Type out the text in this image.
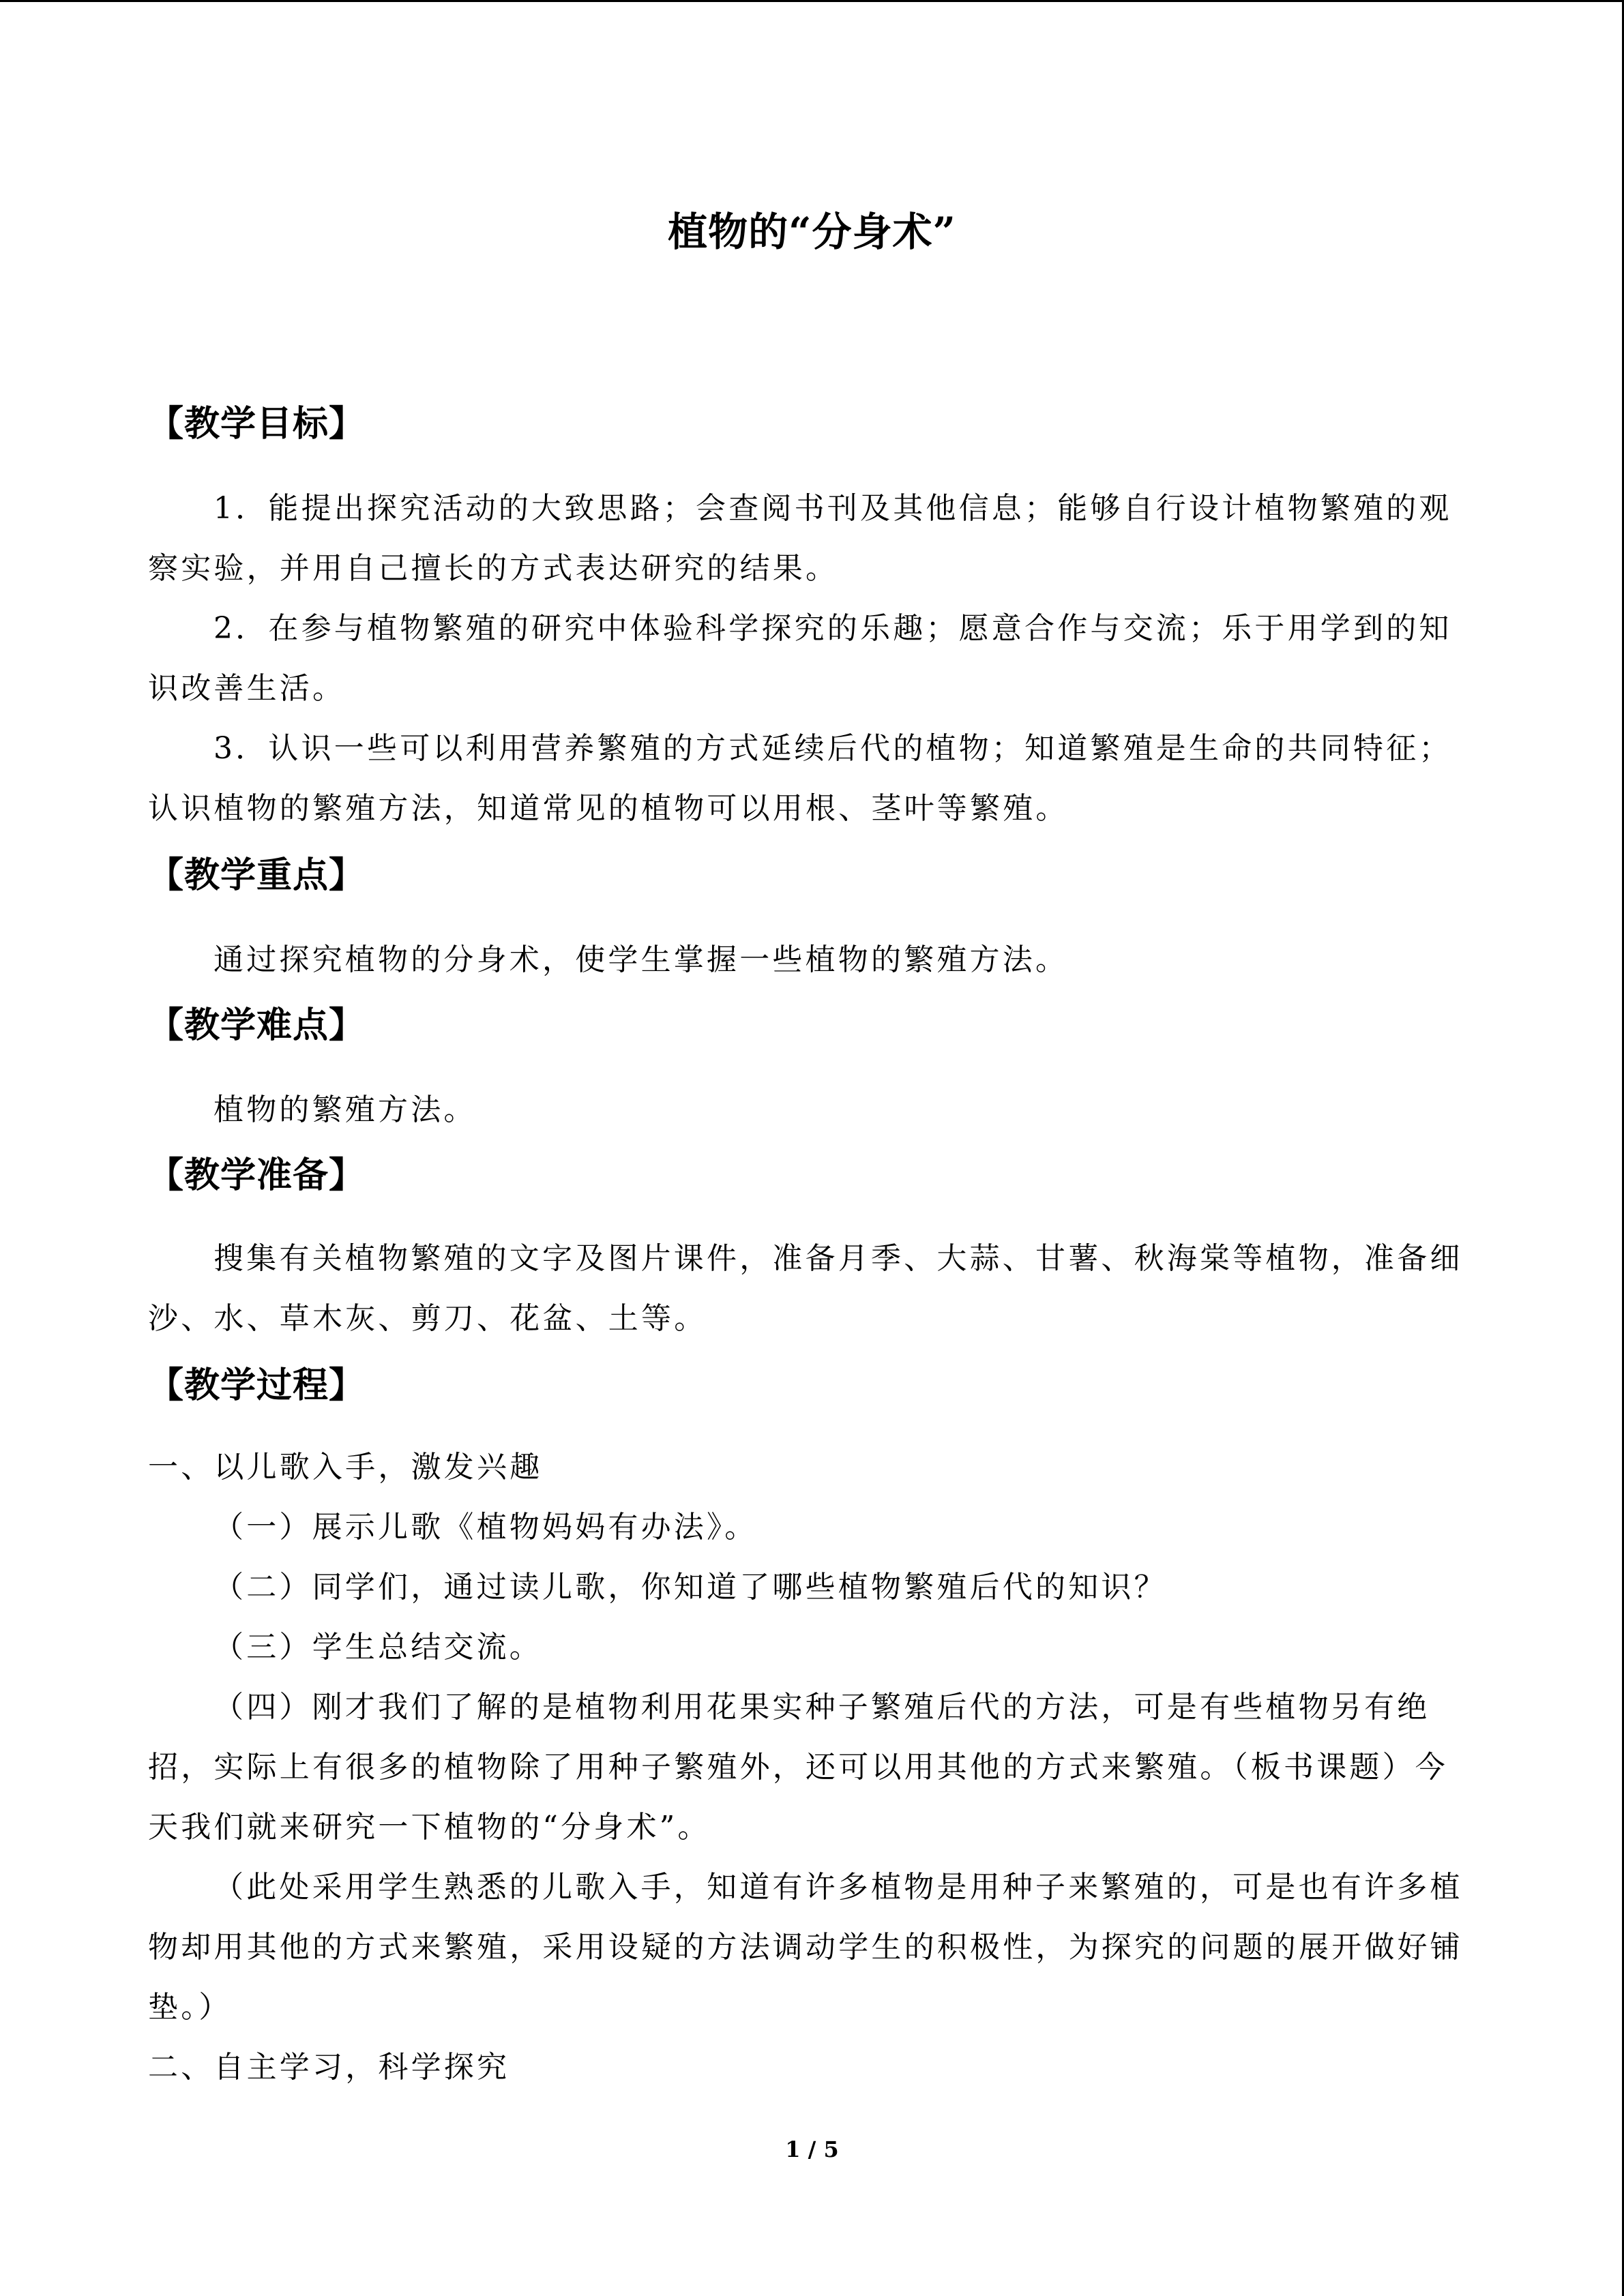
植物的“分身术”
【教学目标】
1．能提出探究活动的大致思路；会查阅书刊及其他信息；能够自行设计植物繁殖的观察实验，并用自己擅长的方式表达研究的结果。
2．在参与植物繁殖的研究中体验科学探究的乐趣；愿意合作与交流；乐于用学到的知识改善生活。
3．认识一些可以利用营养繁殖的方式延续后代的植物；知道繁殖是生命的共同特征；认识植物的繁殖方法，知道常见的植物可以用根、茎叶等繁殖。
【教学重点】
通过探究植物的分身术，使学生掌握一些植物的繁殖方法。
【教学难点】
植物的繁殖方法。
【教学准备】
搜集有关植物繁殖的文字及图片课件，准备月季、大蒜、甘薯、秋海棠等植物，准备细沙、水、草木灰、剪刀、花盆、土等。
【教学过程】
一、以儿歌入手，激发兴趣
（一）展示儿歌《植物妈妈有办法》。
（二）同学们，通过读儿歌，你知道了哪些植物繁殖后代的知识？
（三）学生总结交流。
（四）刚才我们了解的是植物利用花果实种子繁殖后代的方法，可是有些植物另有绝招，实际上有很多的植物除了用种子繁殖外，还可以用其他的方式来繁殖。（板书课题）今天我们就来研究一下植物的“分身术”。
（此处采用学生熟悉的儿歌入手，知道有许多植物是用种子来繁殖的，可是也有许多植物却用其他的方式来繁殖，采用设疑的方法调动学生的积极性，为探究的问题的展开做好铺垫。）
二、自主学习，科学探究
1 / 5
